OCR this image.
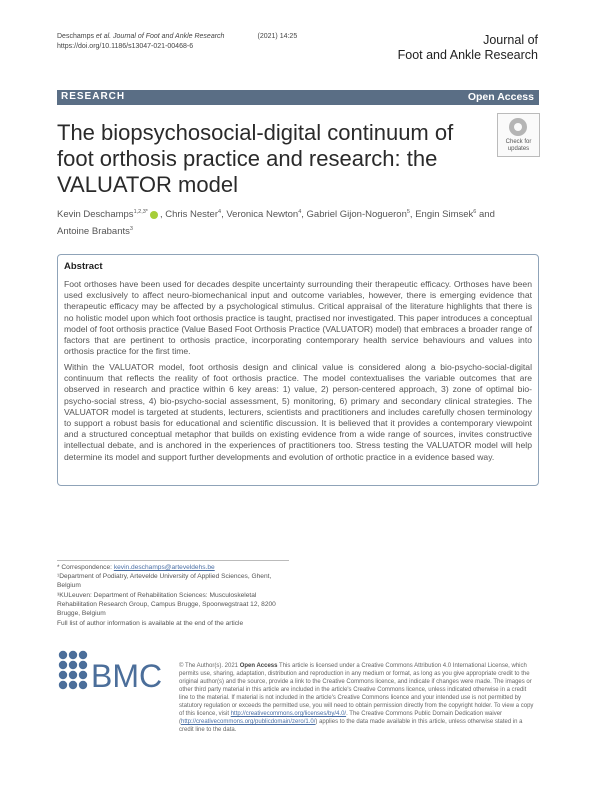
Deschamps et al. Journal of Foot and Ankle Research	(2021) 14:25
https://doi.org/10.1186/s13047-021-00468-6	Journal of
Foot and Ankle Research
RESEARCH	Open Access
The biopsychosocial-digital continuum of foot orthosis practice and research: the VALUATOR model
Check for
updates
Kevin Deschamps$^{1,2,3*}$ , Chris Nester$^4$, Veronica Newton$^4$, Gabriel Gijon-Nogueron$^5$, Engin Simsek$^6$ and Antoine Brabants$^3$
Abstract
Foot orthoses have been used for decades despite uncertainty surrounding their therapeutic efficacy. Orthoses have been used exclusively to affect neuro-biomechanical input and outcome variables, however, there is emerging evidence that therapeutic efficacy may be affected by a psychological stimulus. Critical appraisal of the literature highlights that there is no holistic model upon which foot orthosis practice is taught, practised nor investigated. This paper introduces a conceptual model of foot orthosis practice (Value Based Foot Orthosis Practice (VALUATOR) model) that embraces a broader range of factors that are pertinent to orthosis practice, incorporating contemporary health service behaviours and values into orthosis practice for the first time.
Within the VALUATOR model, foot orthosis design and clinical value is considered along a bio-psycho-social-digital continuum that reflects the reality of foot orthosis practice. The model contextualises the variable outcomes that are observed in research and practice within 6 key areas: 1) value, 2) person-centered approach, 3) zone of optimal bio-psycho-social stress, 4) bio-psycho-social assessment, 5) monitoring, 6) primary and secondary clinical strategies. The VALUATOR model is targeted at students, lecturers, scientists and practitioners and includes carefully chosen terminology to support a robust basis for educational and scientific discussion. It is believed that it provides a contemporary viewpoint and a structured conceptual metaphor that builds on existing evidence from a wide range of sources, invites constructive intellectual debate, and is anchored in the experiences of practitioners too. Stress testing the VALUATOR model will help determine its model and support further developments and evolution of orthotic practice in a evidence based way.
* Correspondence: kevin.deschamps@arteveldehs.be
¹Department of Podiatry, Artevelde University of Applied Sciences, Ghent, Belgium
³KULeuven: Department of Rehabilitation Sciences: Musculoskeletal Rehabilitation Research Group, Campus Brugge, Spoorwegstraat 12, 8200 Brugge, Belgium
Full list of author information is available at the end of the article
BMC	© The Author(s). 2021 Open Access This article is licensed under a Creative Commons Attribution 4.0 International License, which permits use, sharing, adaptation, distribution and reproduction in any medium or format, as long as you give appropriate credit to the original author(s) and the source, provide a link to the Creative Commons licence, and indicate if changes were made. The images or other third party material in this article are included in the article's Creative Commons licence, unless indicated otherwise in a credit line to the material. If material is not included in the article's Creative Commons licence and your intended use is not permitted by statutory regulation or exceeds the permitted use, you will need to obtain permission directly from the copyright holder. To view a copy of this licence, visit http://creativecommons.org/licenses/by/4.0/. The Creative Commons Public Domain Dedication waiver (http://creativecommons.org/publicdomain/zero/1.0/) applies to the data made available in this article, unless otherwise stated in a credit line to the data.
